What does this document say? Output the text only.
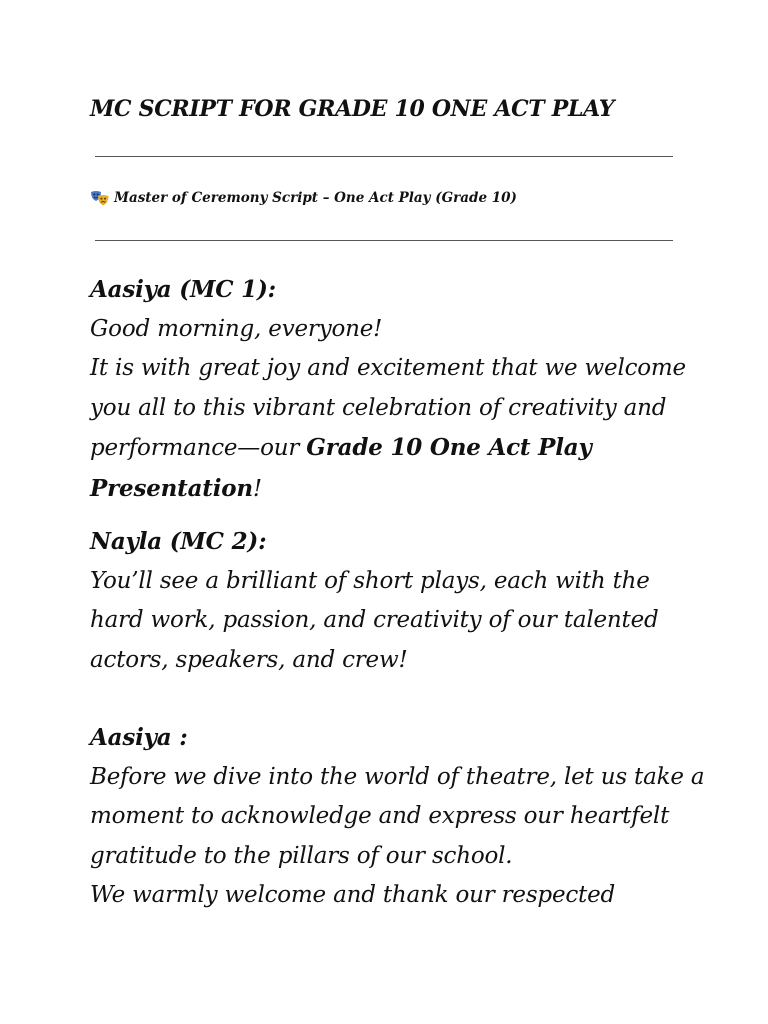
MC SCRIPT FOR GRADE 10 ONE ACT PLAY
Master of Ceremony Script – One Act Play (Grade 10)
Aasiya (MC 1):
Good morning, everyone!
It is with great joy and excitement that we welcome
you all to this vibrant celebration of creativity and
performance—our Grade 10 One Act Play
Presentation!
Nayla (MC 2):
You’ll see a brilliant of short plays, each with the
hard work, passion, and creativity of our talented
actors, speakers, and crew!
Aasiya :
Before we dive into the world of theatre, let us take a
moment to acknowledge and express our heartfelt
gratitude to the pillars of our school.
We warmly welcome and thank our respected
